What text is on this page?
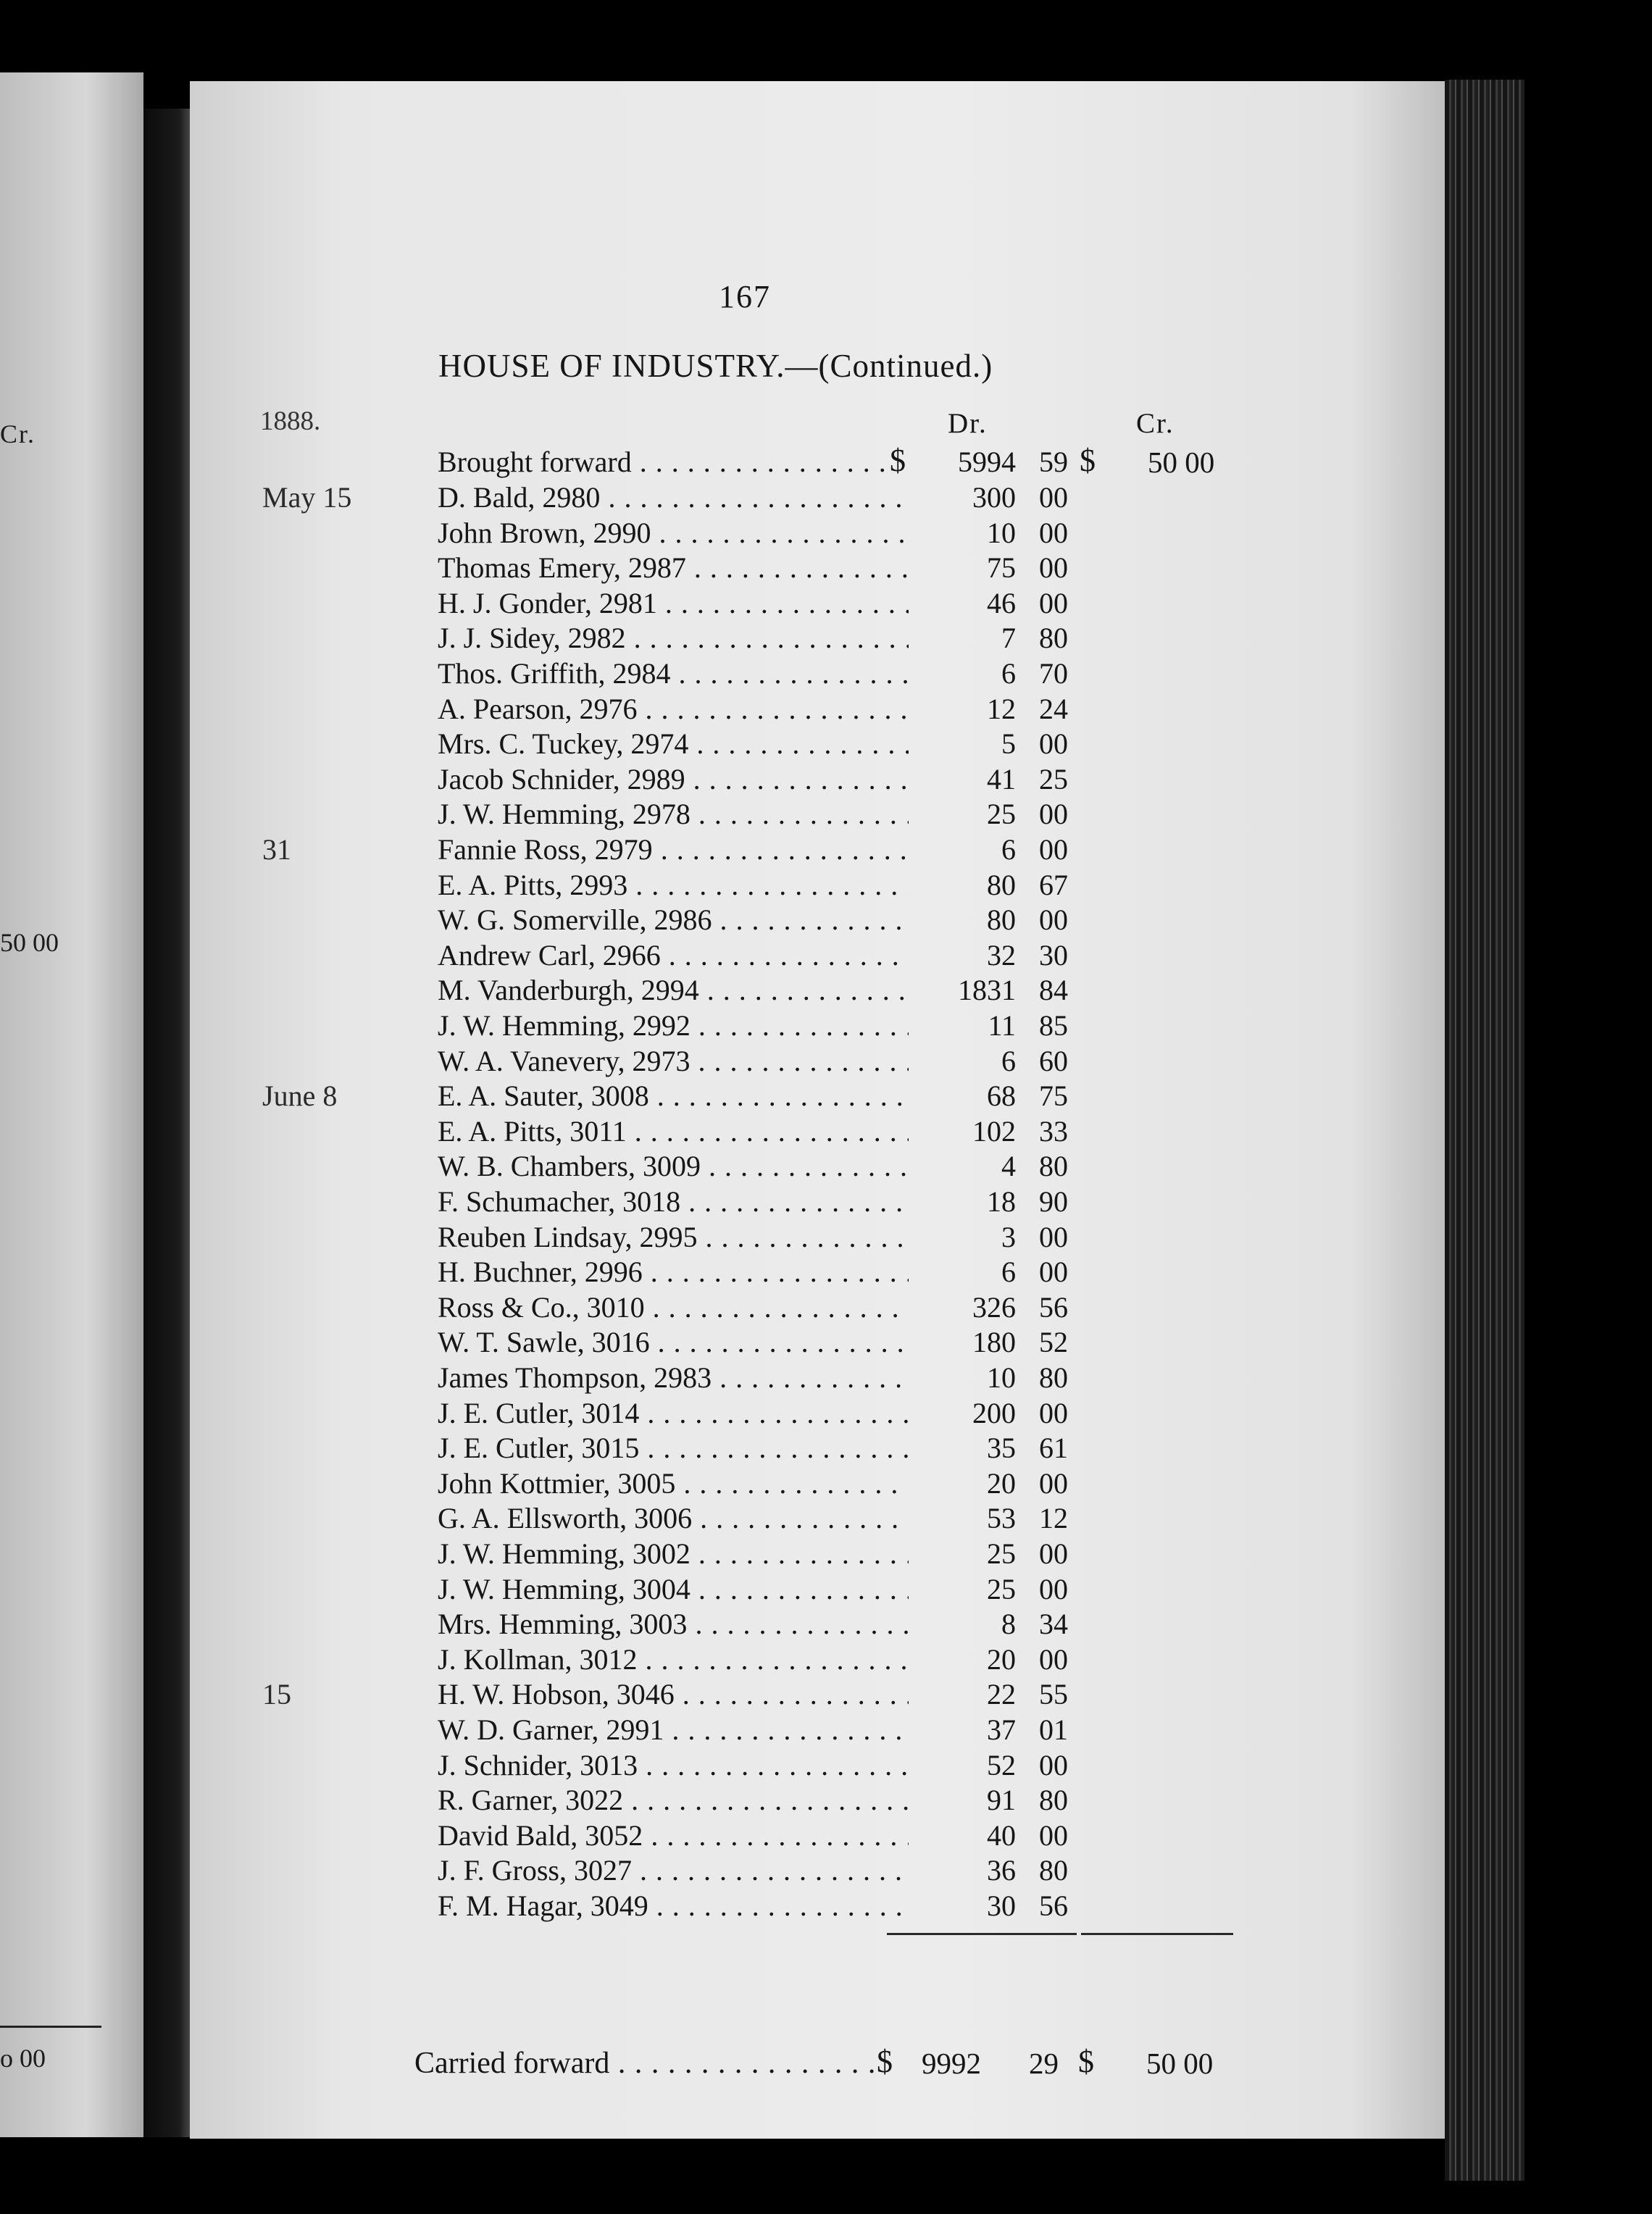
Cr.
50 00
o 00
167
HOUSE OF INDUSTRY.—(Continued.)
1888.	Dr.	Cr.
Brought forward . . .	$	5994 59 $ 50 00
May 15	D. Bald, 2980 . . .	300 00
John Brown, 2990 . . .	10 00
Thomas Emery, 2987 . . .	75 00
H. J. Gonder, 2981 . . .	46 00
J. J. Sidey, 2982 . . .	7 80
Thos. Griffith, 2984 . . .	6 70
A. Pearson, 2976 . . .	12 24
Mrs. C. Tuckey, 2974 . . .	5 00
Jacob Schnider, 2989 . . .	41 25
J. W. Hemming, 2978 . . .	25 00
31	Fannie Ross, 2979 . . .	6 00
E. A. Pitts, 2993 . . .	80 67
W. G. Somerville, 2986 . . .	80 00
Andrew Carl, 2966 . . .	32 30
M. Vanderburgh, 2994 . . .	1831 84
J. W. Hemming, 2992 . . .	11 85
W. A. Vanevery, 2973 . . .	6 60
June 8	E. A. Sauter, 3008 . . .	68 75
E. A. Pitts, 3011 . . .	102 33
W. B. Chambers, 3009 . . .	4 80
F. Schumacher, 3018 . . .	18 90
Reuben Lindsay, 2995 . . .	3 00
H. Buchner, 2996 . . .	6 00
Ross & Co., 3010 . . .	326 56
W. T. Sawle, 3016 . . .	180 52
James Thompson, 2983 . . .	10 80
J. E. Cutler, 3014 . . .	200 00
J. E. Cutler, 3015 . . .	35 61
John Kottmier, 3005 . . .	20 00
G. A. Ellsworth, 3006 . . .	53 12
J. W. Hemming, 3002 . . .	25 00
J. W. Hemming, 3004 . . .	25 00
Mrs. Hemming, 3003 . . .	8 34
J. Kollman, 3012 . . .	20 00
15	H. W. Hobson, 3046 . . .	22 55
W. D. Garner, 2991 . . .	37 01
J. Schnider, 3013 . . .	52 00
R. Garner, 3022 . . .	91 80
David Bald, 3052 . . .	40 00
J. F. Gross, 3027 . . .	36 80
F. M. Hagar, 3049 . . .	30 56
Carried forward . . .	$ 9992 29 $ 50 00
